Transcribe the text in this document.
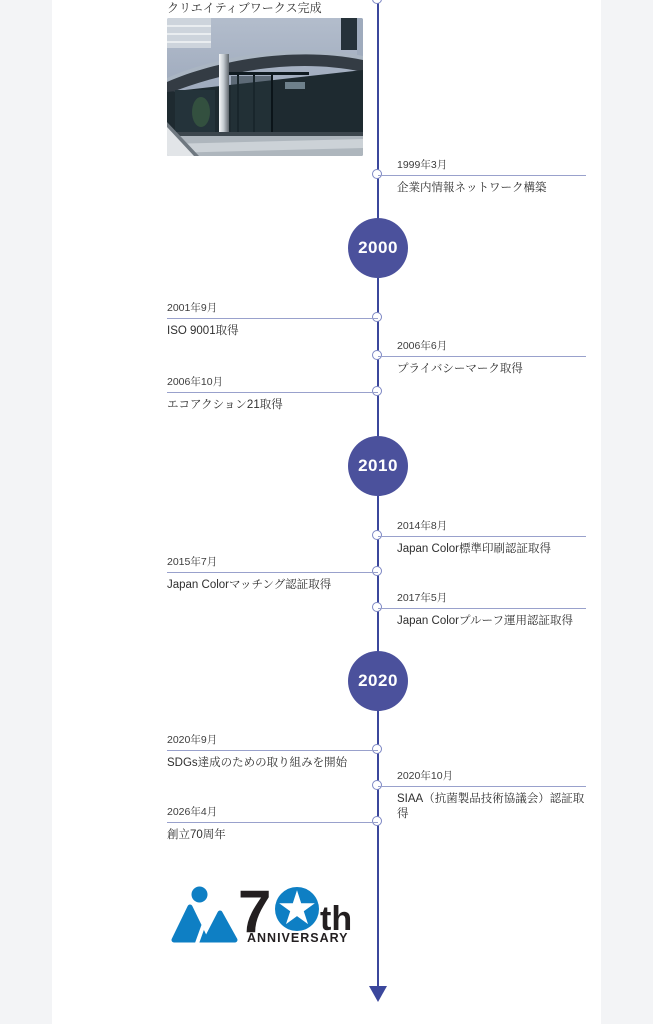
クリエイティブワークス完成
2000
2010
2020
1999年3月
企業内情報ネットワーク構築
2001年9月
ISO 9001取得
2006年6月
プライバシーマーク取得
2006年10月
エコアクション21取得
2014年8月
Japan Color標準印刷認証取得
2015年7月
Japan Colorマッチング認証取得
2017年5月
Japan Colorプルーフ運用認証取得
2020年9月
SDGs達成のための取り組みを開始
2020年10月
SIAA（抗菌製品技術協議会）認証取得
2026年4月
創立70周年
7 th
ANNIVERSARY
